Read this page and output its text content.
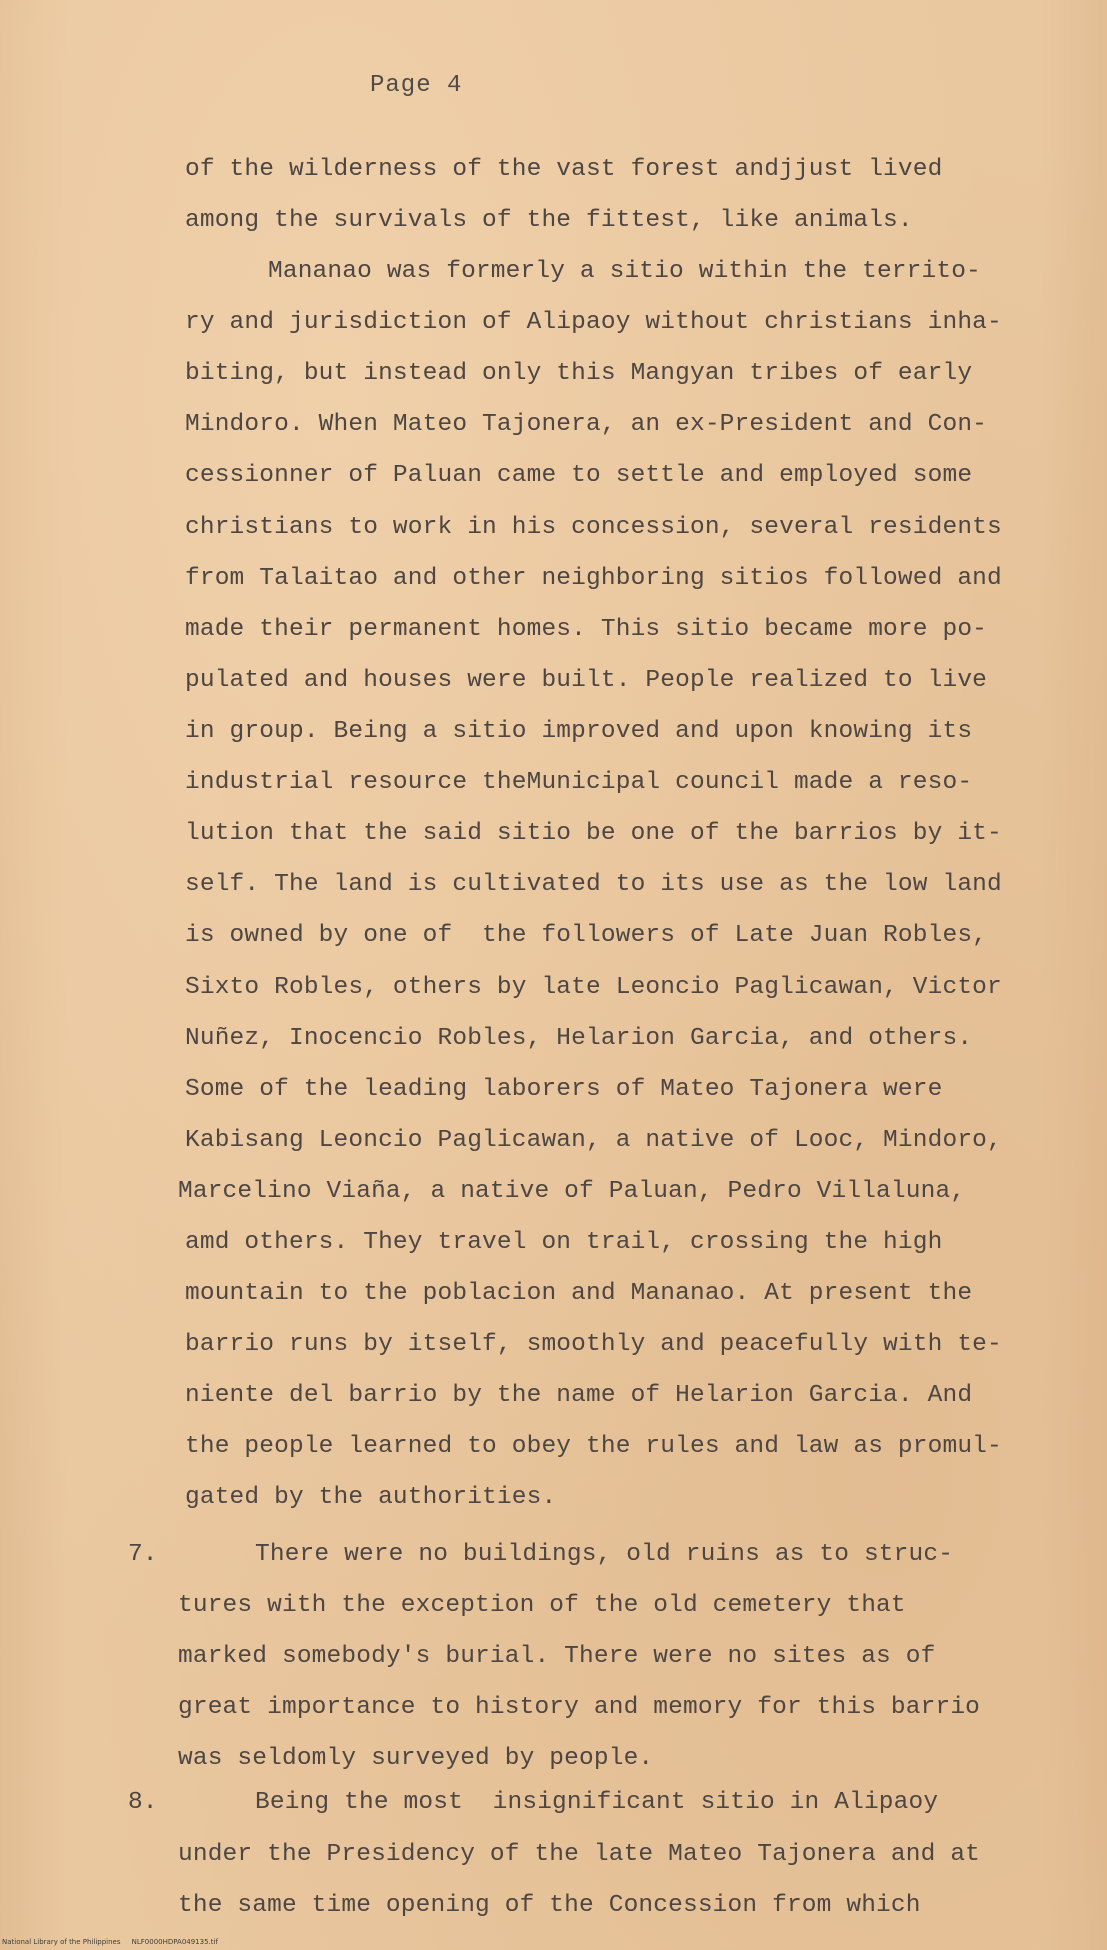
Page 4
of the wilderness of the vast forest andjjust lived
among the survivals of the fittest, like animals.
Mananao was formerly a sitio within the territo-
ry and jurisdiction of Alipaoy without christians inha-
biting, but instead only this Mangyan tribes of early
Mindoro. When Mateo Tajonera, an ex-President and Con-
cessionner of Paluan came to settle and employed some
christians to work in his concession, several residents
from Talaitao and other neighboring sitios followed and
made their permanent homes. This sitio became more po-
pulated and houses were built. People realized to live
in group. Being a sitio improved and upon knowing its
industrial resource theMunicipal council made a reso-
lution that the said sitio be one of the barrios by it-
self. The land is cultivated to its use as the low land
is owned by one of  the followers of Late Juan Robles,
Sixto Robles, others by late Leoncio Paglicawan, Victor
Nuñez, Inocencio Robles, Helarion Garcia, and others.
Some of the leading laborers of Mateo Tajonera were
Kabisang Leoncio Paglicawan, a native of Looc, Mindoro,
Marcelino Viaña, a native of Paluan, Pedro Villaluna,
amd others. They travel on trail, crossing the high
mountain to the poblacion and Mananao. At present the
barrio runs by itself, smoothly and peacefully with te-
niente del barrio by the name of Helarion Garcia. And
the people learned to obey the rules and law as promul-
gated by the authorities.
There were no buildings, old ruins as to struc-
tures with the exception of the old cemetery that
marked somebody's burial. There were no sites as of
great importance to history and memory for this barrio
was seldomly surveyed by people.
Being the most  insignificant sitio in Alipaoy
under the Presidency of the late Mateo Tajonera and at
the same time opening of the Concession from which
7.
8.
National Library of the Philippines     NLF0000HDPA049135.tif
